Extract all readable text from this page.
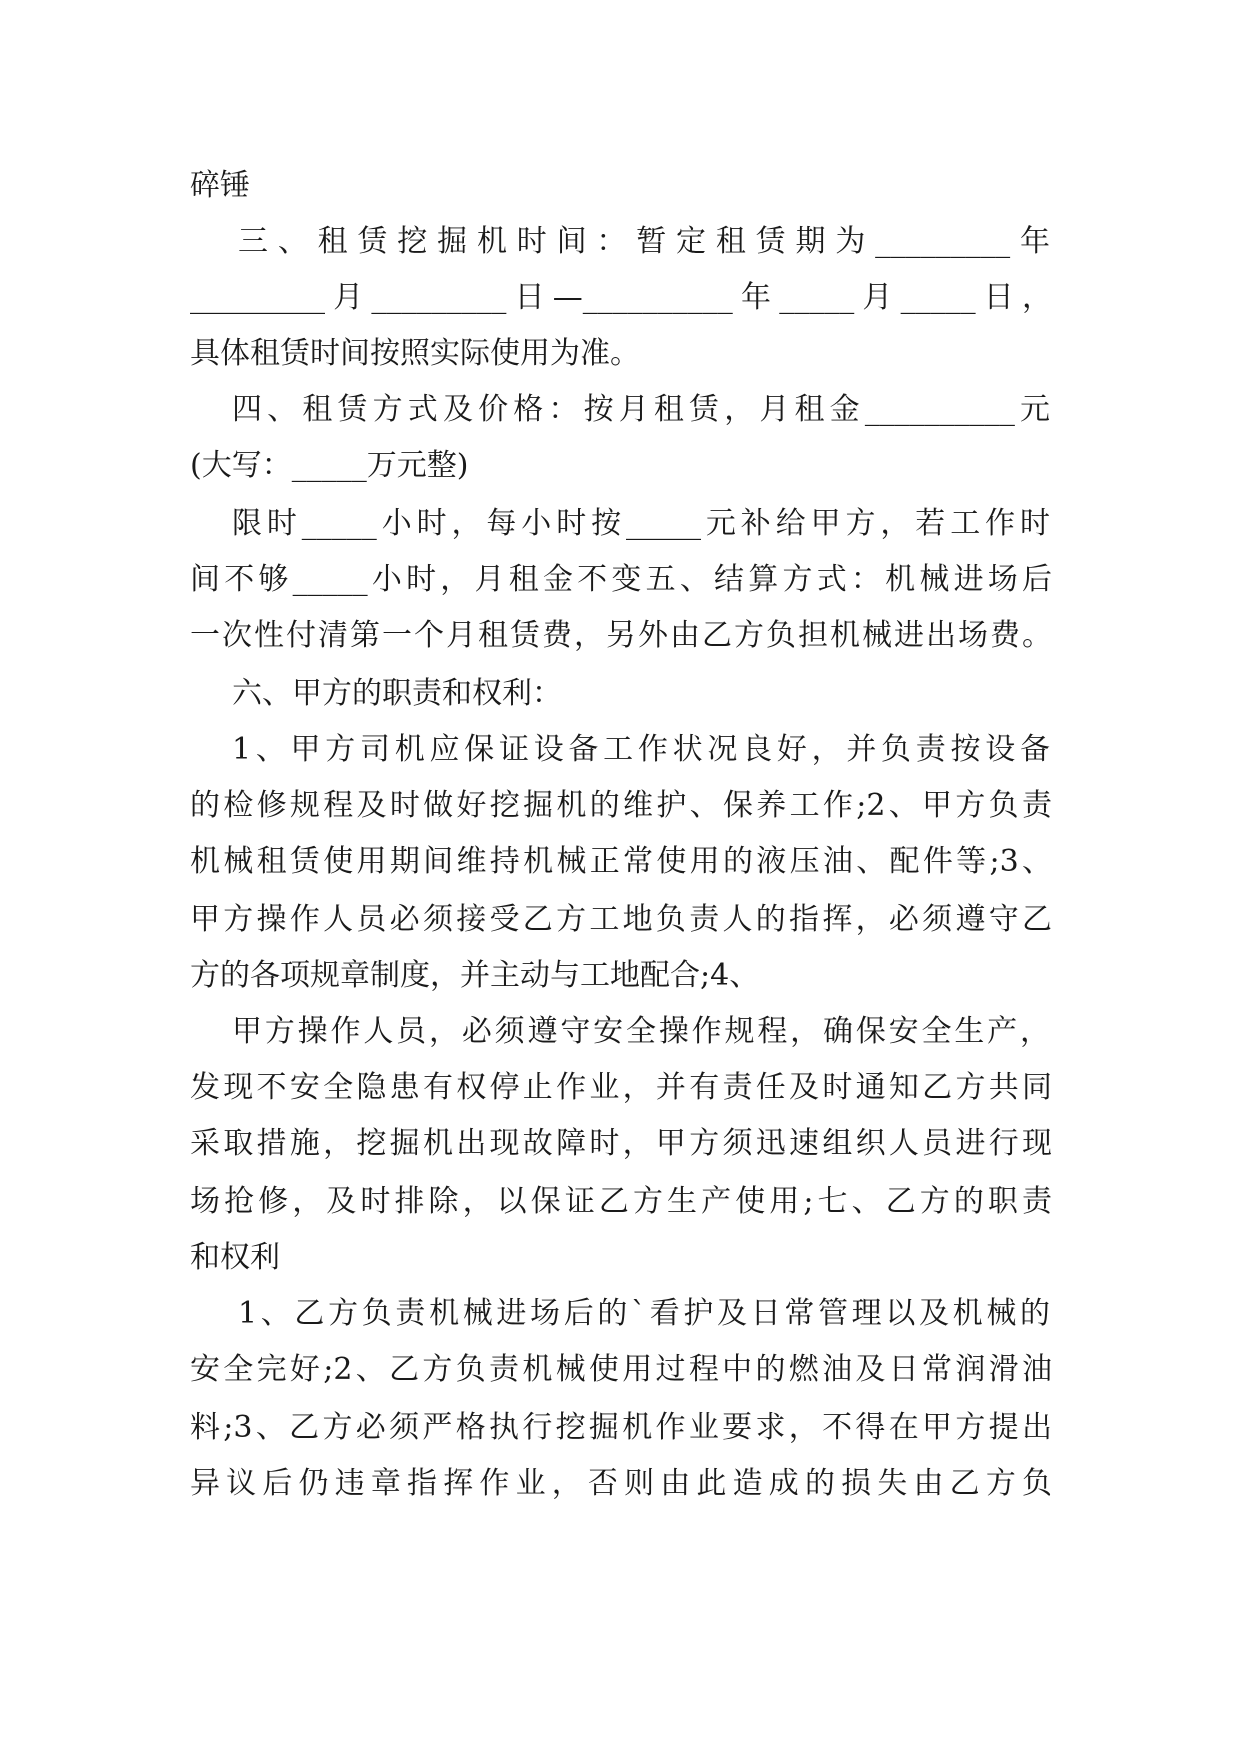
碎锤
三、租赁挖掘机时间：暂定租赁期为_________年
_________月_________日—__________年_____月_____日，
具体租赁时间按照实际使用为准。
四、租赁方式及价格：按月租赁，月租金__________元
(大写：_____万元整)
限时_____小时，每小时按_____元补给甲方，若工作时
间不够_____小时，月租金不变五、结算方式：机械进场后
一次性付清第一个月租赁费，另外由乙方负担机械进出场费。
六、甲方的职责和权利：
1、甲方司机应保证设备工作状况良好，并负责按设备
的检修规程及时做好挖掘机的维护、保养工作;2、甲方负责
机械租赁使用期间维持机械正常使用的液压油、配件等;3、
甲方操作人员必须接受乙方工地负责人的指挥，必须遵守乙
方的各项规章制度，并主动与工地配合;4、
甲方操作人员，必须遵守安全操作规程，确保安全生产，
发现不安全隐患有权停止作业，并有责任及时通知乙方共同
采取措施，挖掘机出现故障时，甲方须迅速组织人员进行现
场抢修，及时排除，以保证乙方生产使用;七、乙方的职责
和权利
1、乙方负责机械进场后的`看护及日常管理以及机械的
安全完好;2、乙方负责机械使用过程中的燃油及日常润滑油
料;3、乙方必须严格执行挖掘机作业要求，不得在甲方提出
异议后仍违章指挥作业，否则由此造成的损失由乙方负
